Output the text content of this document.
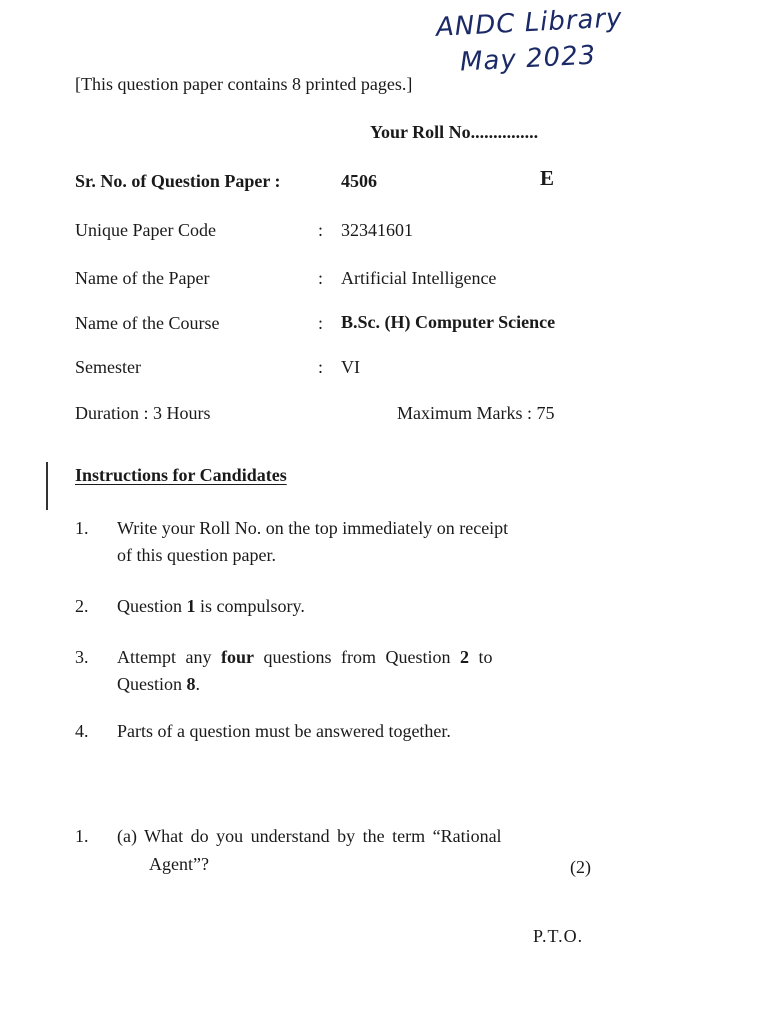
ANDC Library
May 2023
[This question paper contains 8 printed pages.]
Your Roll No...............
Sr. No. of Question Paper :	4506	E
Unique Paper Code	: 32341601
Name of the Paper	: Artificial Intelligence
Name of the Course	: B.Sc. (H) Computer Science
Semester	: VI
Duration : 3 Hours	Maximum Marks : 75
Instructions for Candidates
1. Write your Roll No. on the top immediately on receipt
of this question paper.
2. Question 1 is compulsory.
3. Attempt any four questions from Question 2 to
Question 8.
4. Parts of a question must be answered together.
1. (a) What do you understand by the term “Rational
Agent”?	(2)
P.T.O.
